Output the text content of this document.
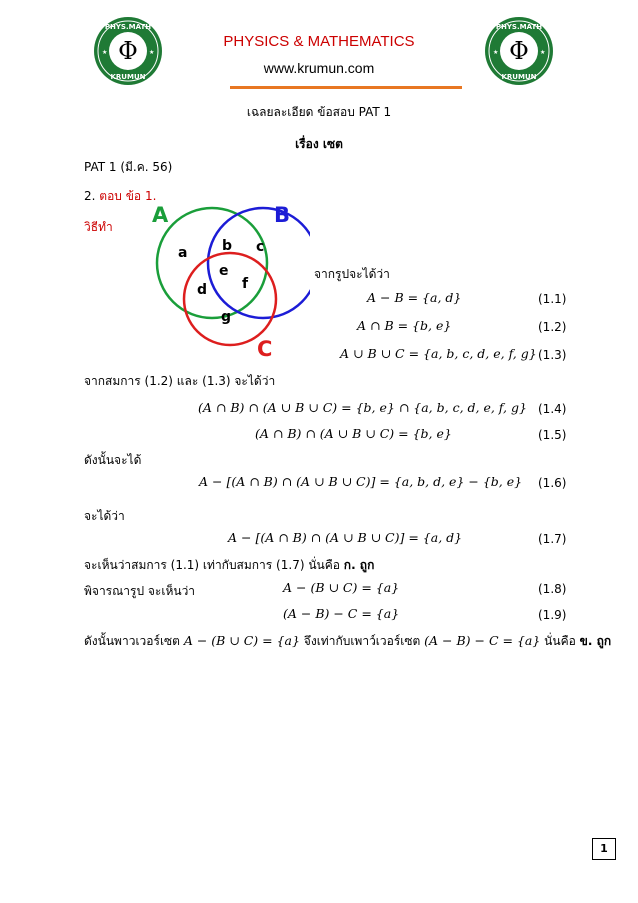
Φ
PHYS.MATH
KRUMUN
★	★	Φ
PHYS.MATH
KRUMUN
★	★
PHYSICS & MATHEMATICS
www.krumun.com
เฉลยละเอียด ข้อสอบ PAT 1
เรื่อง เซต
PAT 1 (มี.ค. 56)
2. ตอบ ข้อ 1.
วิธีทำ A	B
C
a b c
d
e
f
g
จากรูปจะได้ว่า
A − B = {a, d}	(1.1)
A ∩ B = {b, e}	(1.2)
A ∪ B ∪ C = {a, b, c, d, e, f, g} (1.3)
จากสมการ (1.2) และ (1.3) จะได้ว่า
(A ∩ B) ∩ (A ∪ B ∪ C) = {b, e} ∩ {a, b, c, d, e, f, g} (1.4)
(A ∩ B) ∩ (A ∪ B ∪ C) = {b, e}	(1.5)
ดังนั้นจะได้
A − [(A ∩ B) ∩ (A ∪ B ∪ C)] = {a, b, d, e} − {b, e} (1.6)
จะได้ว่า
A − [(A ∩ B) ∩ (A ∪ B ∪ C)] = {a, d}	(1.7)
จะเห็นว่าสมการ (1.1) เท่ากับสมการ (1.7) นั่นคือ ก. ถูก
พิจารณารูป จะเห็นว่า	A − (B ∪ C) = {a}	(1.8)
(A − B) − C = {a}	(1.9)
ดังนั้นพาวเวอร์เซต A − (B ∪ C) = {a} จึงเท่ากับเพาว์เวอร์เซต (A − B) − C = {a} นั่นคือ ข. ถูก
1
